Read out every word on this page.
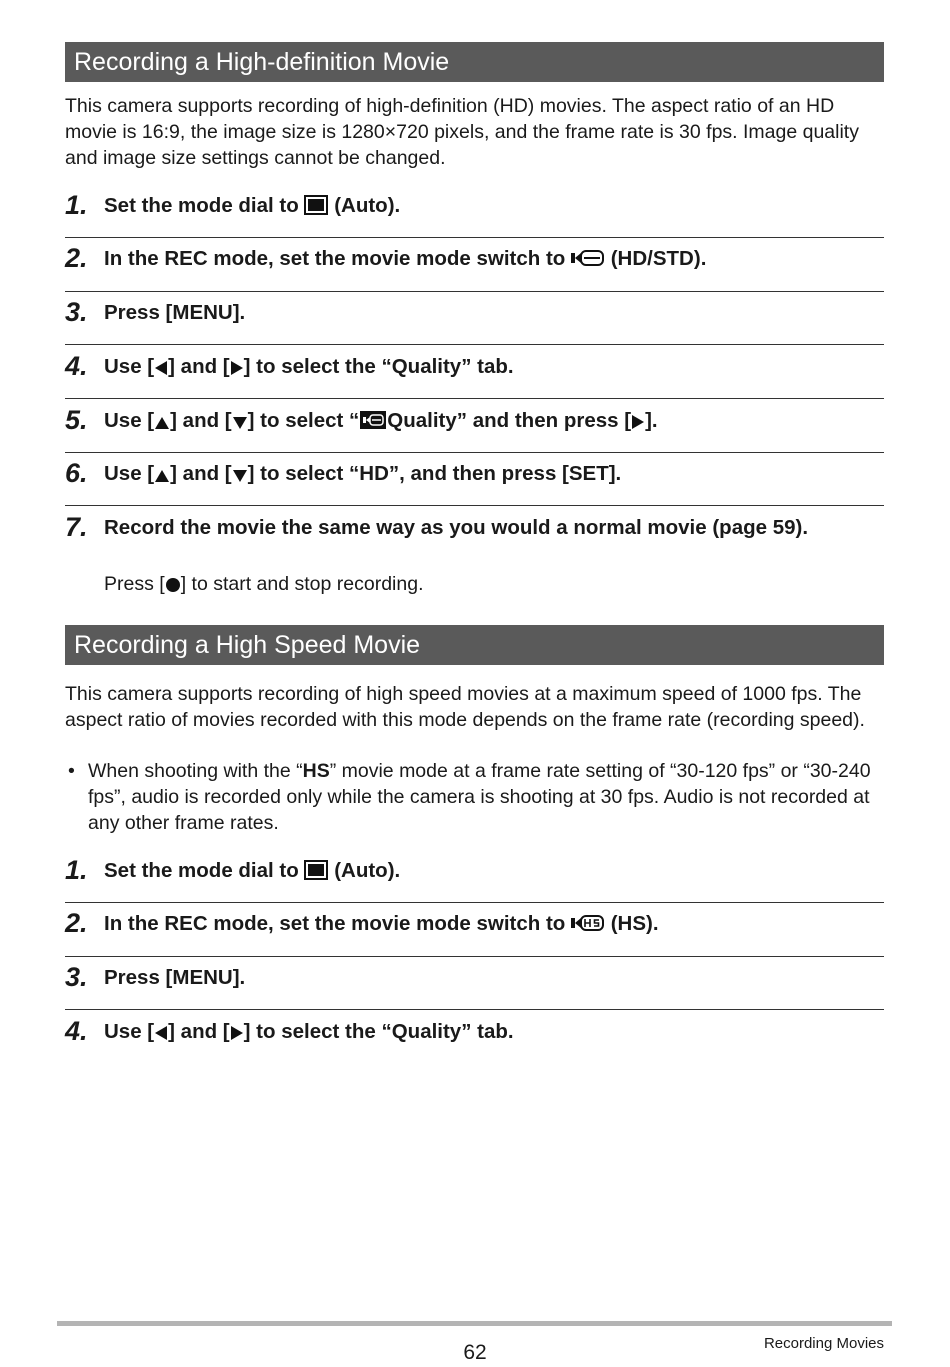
Recording a High-definition Movie

This camera supports recording of high-definition (HD) movies. The aspect ratio of an HD movie is 16:9, the image size is 1280×720 pixels, and the frame rate is 30 fps. Image quality and image size settings cannot be changed.

1. Set the mode dial to (Auto).
2. In the REC mode, set the movie mode switch to (HD/STD).
3. Press [MENU].
4. Use [ ] and [ ] to select the “Quality” tab.
5. Use [ ] and [ ] to select “ Quality” and then press [ ].
6. Use [ ] and [ ] to select “HD”, and then press [SET].
7. Record the movie the same way as you would a normal movie (page 59).
Press [ ] to start and stop recording.
Recording a High Speed Movie

This camera supports recording of high speed movies at a maximum speed of 1000 fps. The aspect ratio of movies recorded with this mode depends on the frame rate (recording speed).

• When shooting with the “HS” movie mode at a frame rate setting of “30-120 fps” or “30-240 fps”, audio is recorded only while the camera is shooting at 30 fps. Audio is not recorded at any other frame rates.
1. Set the mode dial to (Auto).
2. In the REC mode, set the movie mode switch to (HS).
3. Press [MENU].
4. Use [ ] and [ ] to select the “Quality” tab.
62	Recording Movies
